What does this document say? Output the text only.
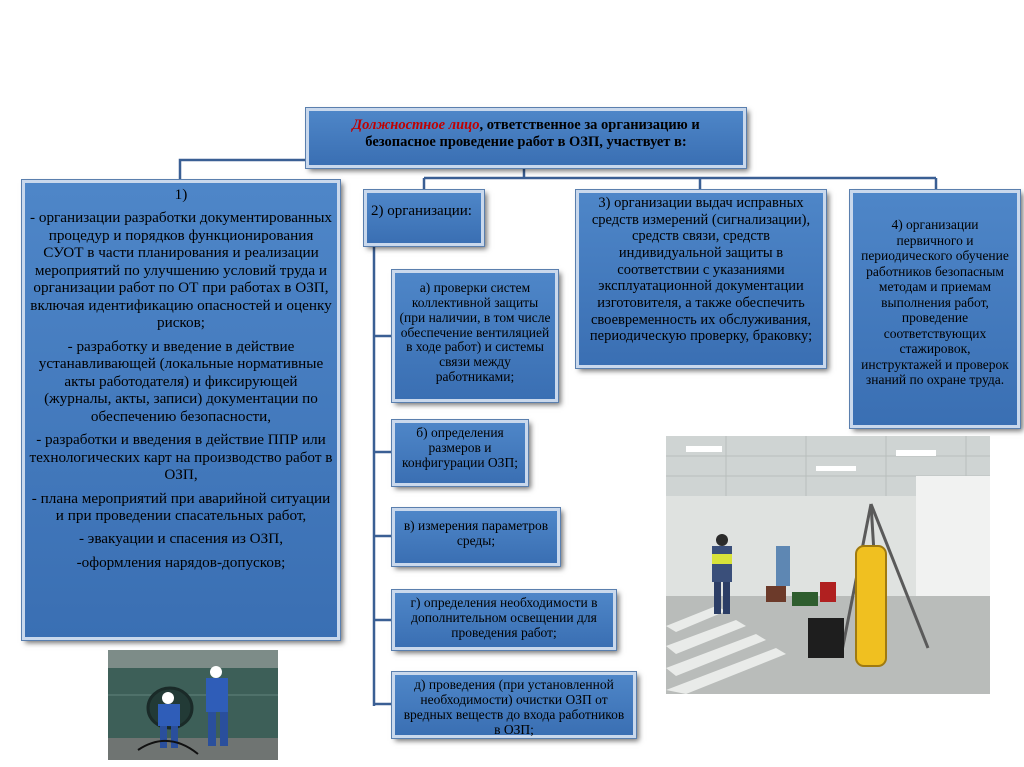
Должностное лицо, ответственное за организацию и безопасное проведение работ в ОЗП, участвует в:

1)

- организации разработки документированных процедур и порядков функционирования СУОТ в части планирования и реализации мероприятий по улучшению условий труда и организации работ по ОТ при работах в ОЗП, включая идентификацию опасностей и оценку рисков;

- разработку и введение в действие устанавливающей (локальные нормативные акты работодателя) и фиксирующей (журналы, акты, записи) документации по обеспечению безопасности,

- разработки и введения в действие ППР или технологических карт на производство работ в ОЗП,

- плана мероприятий при аварийной ситуации и при проведении спасательных работ,

- эвакуации и спасения из ОЗП,

-оформления нарядов-допусков;

2) организации:
а) проверки систем коллективной защиты (при наличии, в том числе обеспечение вентиляцией в ходе работ) и системы связи между работниками;
б) определения размеров и конфигурации ОЗП;
в) измерения параметров среды;
г) определения необходимости в дополнительном освещении для проведения работ;
д) проведения (при установленной необходимости) очистки ОЗП от вредных веществ до входа работников в ОЗП;
3) организации выдач исправных средств измерений (сигнализации), средств связи, средств индивидуальной защиты в соответствии с указаниями эксплуатационной документации изготовителя, а также обеспечить своевременность их обслуживания, периодическую проверку, браковку;
4) организации первичного и периодического обучение работников безопасным методам и приемам выполнения работ, проведение соответствующих стажировок, инструктажей и проверок знаний по охране труда.
